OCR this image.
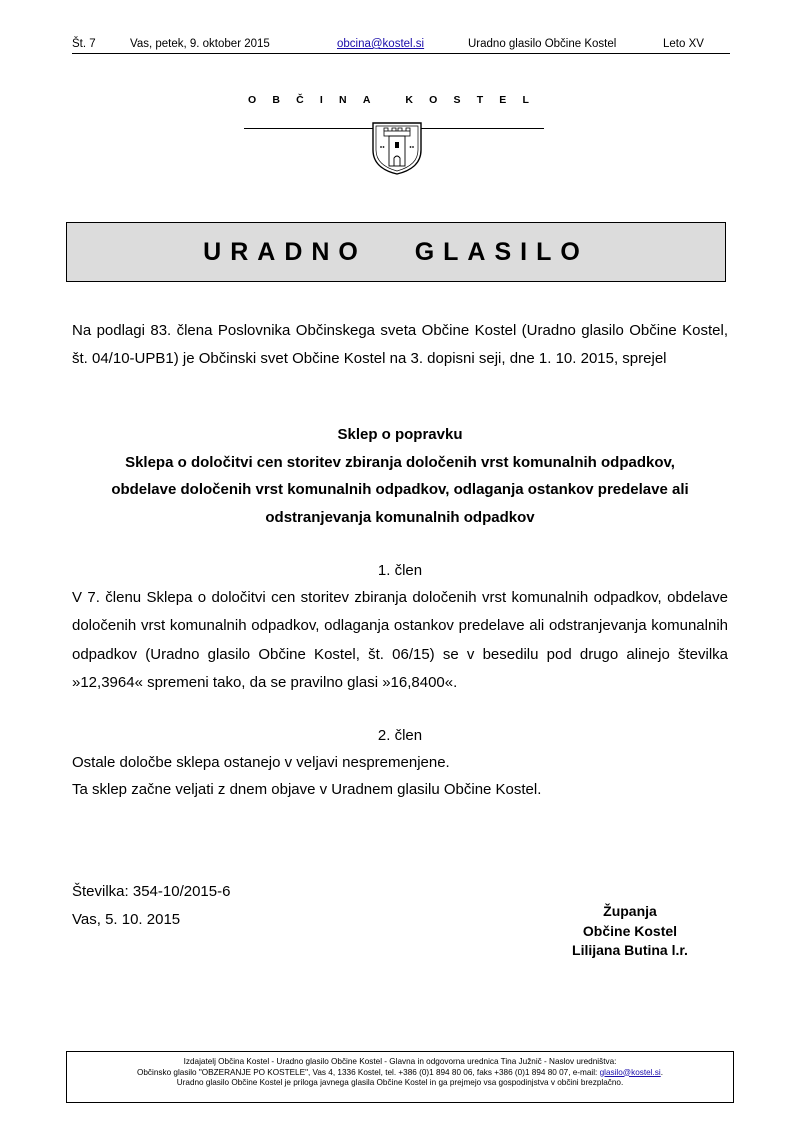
Št. 7	Vas, petek, 9. oktober 2015	obcina@kostel.si	Uradno glasilo Občine Kostel	Leto XV
OBČINA KOSTEL
URADNO   GLASILO
Na podlagi 83. člena Poslovnika Občinskega sveta Občine Kostel (Uradno glasilo Občine Kostel, št. 04/10-UPB1) je Občinski svet Občine Kostel na 3. dopisni seji, dne 1. 10. 2015, sprejel
Sklep o popravku
Sklepa o določitvi cen storitev zbiranja določenih vrst komunalnih odpadkov,
obdelave določenih vrst komunalnih odpadkov, odlaganja ostankov predelave ali
odstranjevanja komunalnih odpadkov
1. člen
V 7. členu Sklepa o določitvi cen storitev zbiranja določenih vrst komunalnih odpadkov, obdelave določenih vrst komunalnih odpadkov, odlaganja ostankov predelave ali odstranjevanja komunalnih odpadkov (Uradno glasilo Občine Kostel, št. 06/15) se v besedilu pod drugo alinejo številka »12,3964« spremeni tako, da se pravilno glasi »16,8400«.
2. člen
Ostale določbe sklepa ostanejo v veljavi nespremenjene.
Ta sklep začne veljati z dnem objave v Uradnem glasilu Občine Kostel.
Številka: 354-10/2015-6
Vas, 5. 10. 2015	Županja
Občine Kostel
Lilijana Butina l.r.
Izdajatelj Občina Kostel - Uradno glasilo Občine Kostel - Glavna in odgovorna urednica Tina Južnič - Naslov uredništva:
Občinsko glasilo "OBZERANJE PO KOSTELE", Vas 4, 1336 Kostel, tel. +386 (0)1 894 80 06, faks +386 (0)1 894 80 07, e-mail: glasilo@kostel.si.
Uradno glasilo Občine Kostel je priloga javnega glasila Občine Kostel in ga prejmejo vsa gospodinjstva v občini brezplačno.
